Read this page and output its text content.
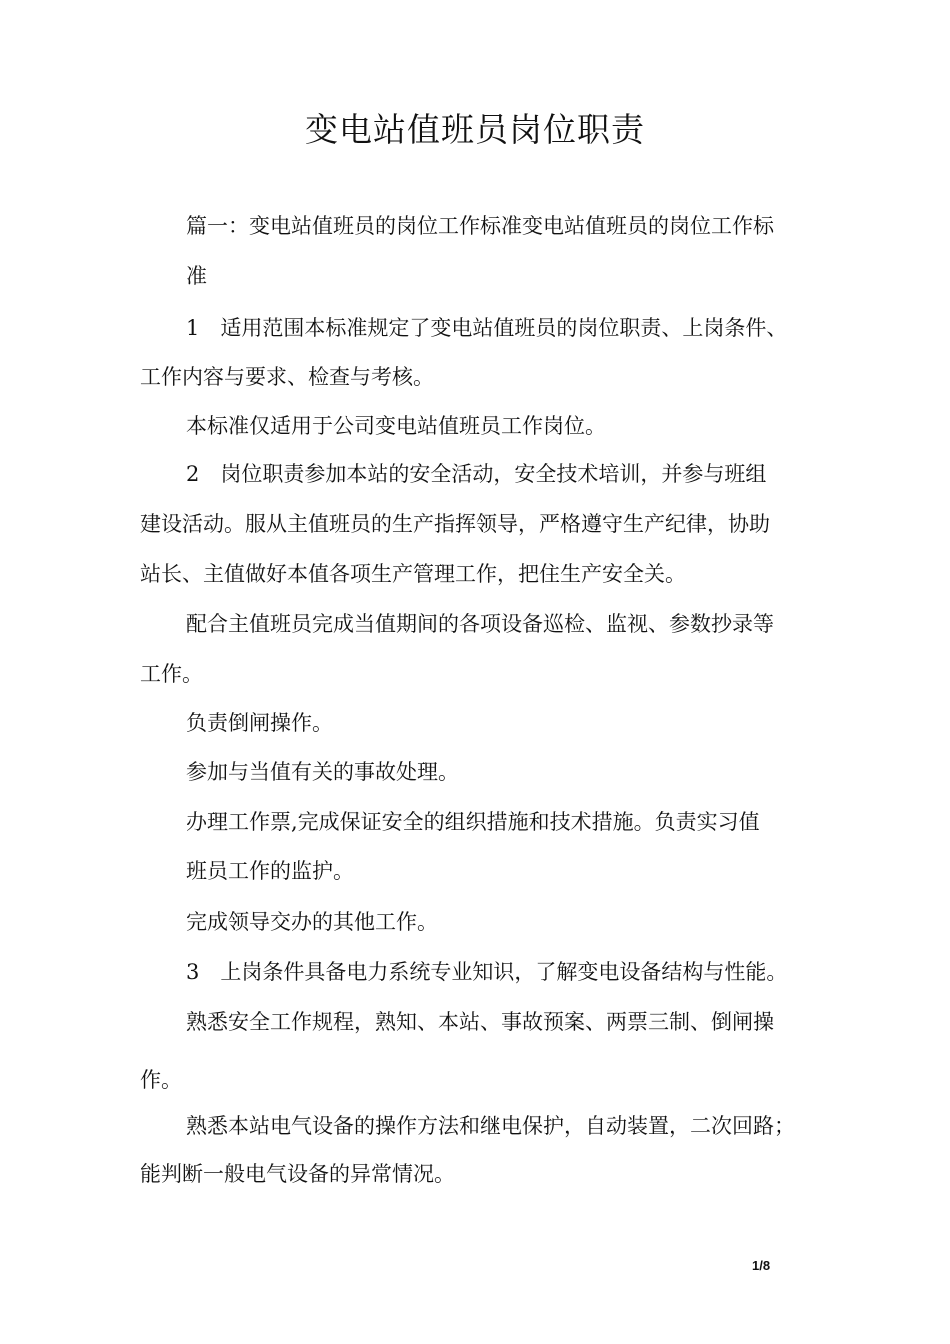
变电站值班员岗位职责
篇一：变电站值班员的岗位工作标准变电站值班员的岗位工作标
准
1　适用范围本标准规定了变电站值班员的岗位职责、上岗条件、
工作内容与要求、检查与考核。
本标准仅适用于公司变电站值班员工作岗位。
2　岗位职责参加本站的安全活动，安全技术培训，并参与班组
建设活动。服从主值班员的生产指挥领导，严格遵守生产纪律，协助
站长、主值做好本值各项生产管理工作，把住生产安全关。
配合主值班员完成当值期间的各项设备巡检、监视、参数抄录等
工作。
负责倒闸操作。
参加与当值有关的事故处理。
办理工作票,完成保证安全的组织措施和技术措施。负责实习值
班员工作的监护。
完成领导交办的其他工作。
3　上岗条件具备电力系统专业知识，了解变电设备结构与性能。
熟悉安全工作规程，熟知、本站、事故预案、两票三制、倒闸操
作。
熟悉本站电气设备的操作方法和继电保护，自动装置，二次回路；
能判断一般电气设备的异常情况。
1/8
